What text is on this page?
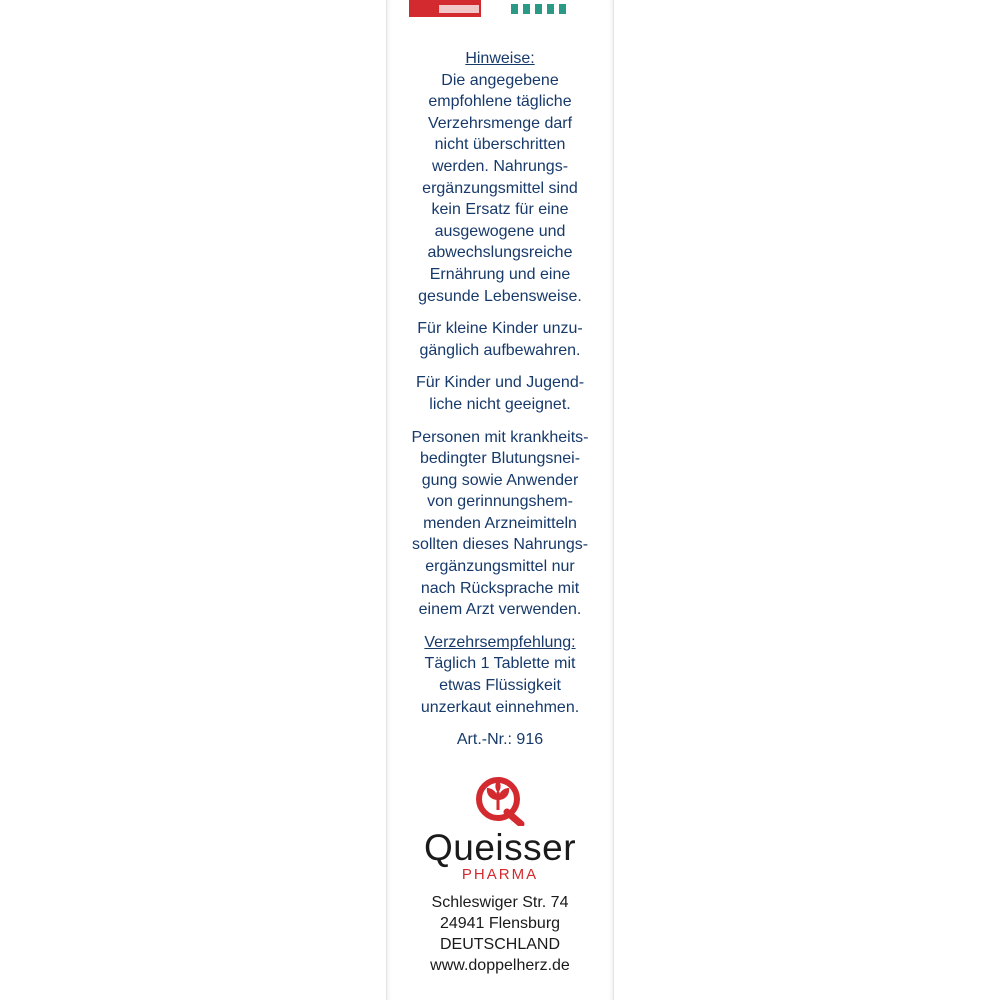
Hinweise:
Die angegebene
empfohlene tägliche
Verzehrsmenge darf
nicht überschritten
werden. Nahrungs-
ergänzungsmittel sind
kein Ersatz für eine
ausgewogene und
abwechslungsreiche
Ernährung und eine
gesunde Lebensweise.
Für kleine Kinder unzu-
gänglich aufbewahren.
Für Kinder und Jugend-
liche nicht geeignet.
Personen mit krankheits-
bedingter Blutungsnei-
gung sowie Anwender
von gerinnungshem-
menden Arzneimitteln
sollten dieses Nahrungs-
ergänzungsmittel nur
nach Rücksprache mit
einem Arzt verwenden.
Verzehrsempfehlung:
Täglich 1 Tablette mit
etwas Flüssigkeit
unzerkaut einnehmen.
Art.-Nr.: 916
Queisser
PHARMA
Schleswiger Str. 74
24941 Flensburg
DEUTSCHLAND
www.doppelherz.de
